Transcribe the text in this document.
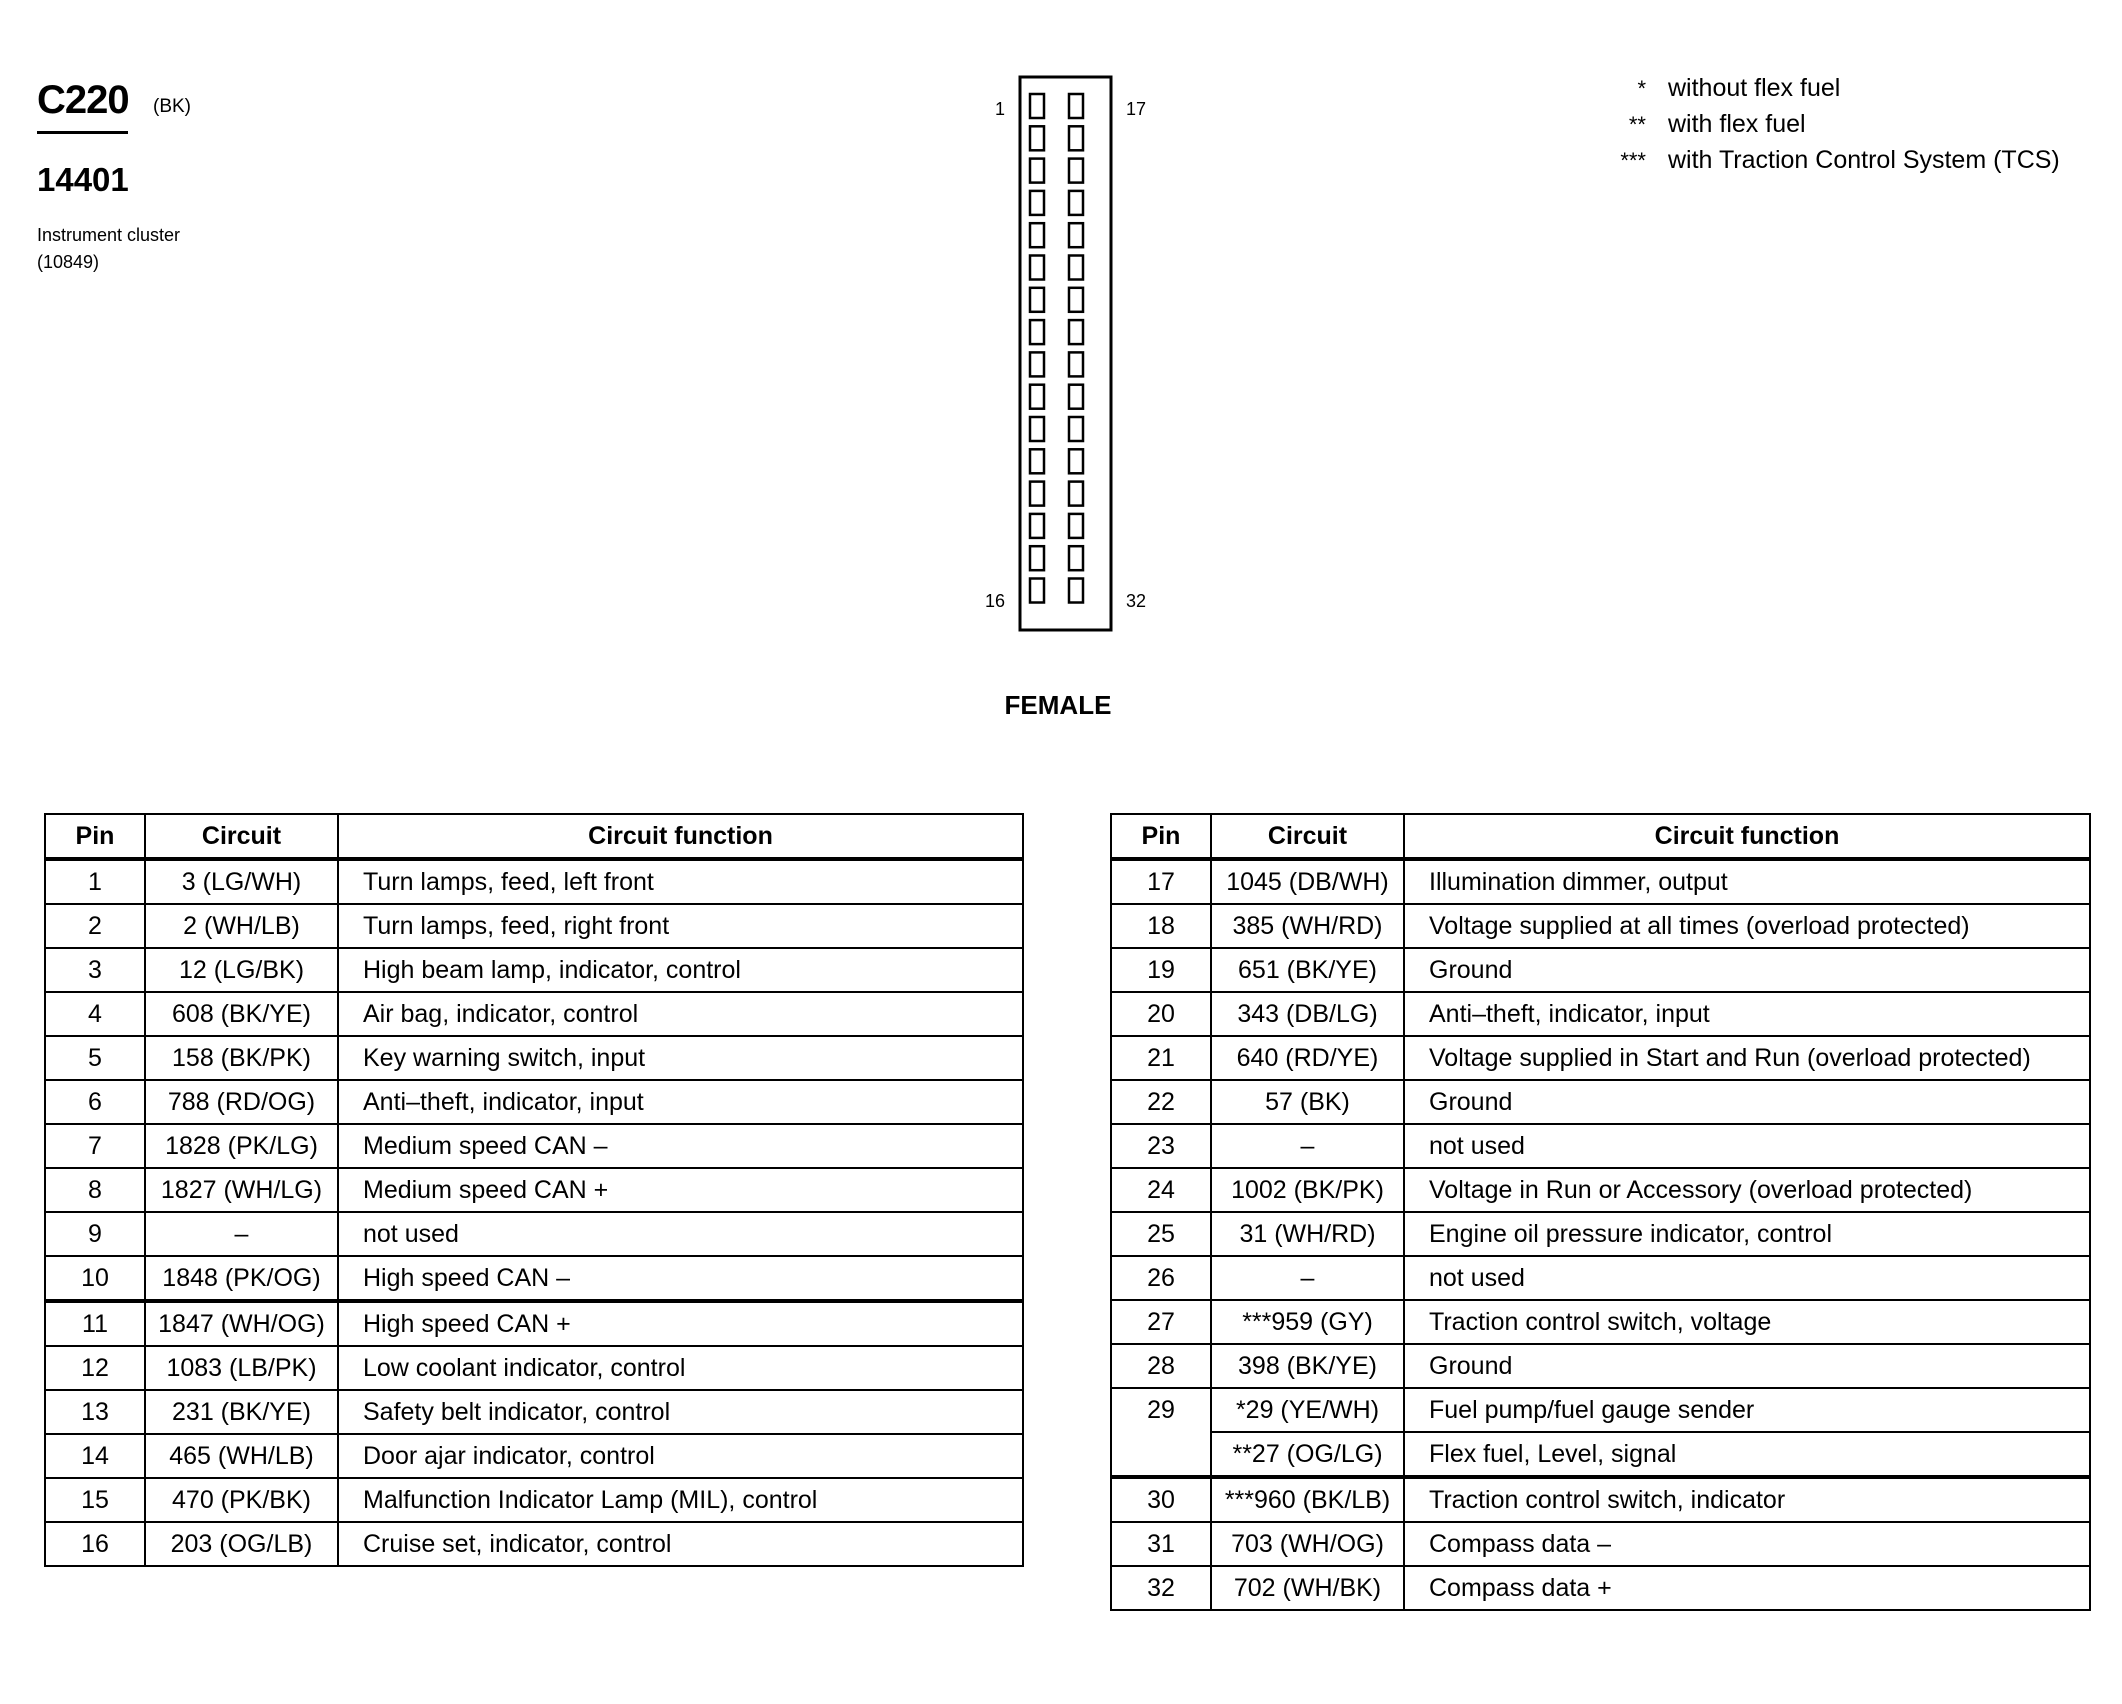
C220 (BK)
14401
Instrument cluster
(10849)
* without flex fuel
** with flex fuel
*** with Traction Control System (TCS)
1
16
17
32
FEMALE
Pin	Circuit	Circuit function
1	3 (LG/WH)	Turn lamps, feed, left front
2	2 (WH/LB)	Turn lamps, feed, right front
3	12 (LG/BK)	High beam lamp, indicator, control
4	608 (BK/YE)	Air bag, indicator, control
5	158 (BK/PK)	Key warning switch, input
6	788 (RD/OG)	Anti–theft, indicator, input
7	1828 (PK/LG)	Medium speed CAN –
8	1827 (WH/LG)	Medium speed CAN +
9	–	not used
10	1848 (PK/OG)	High speed CAN –
11	1847 (WH/OG)	High speed CAN +
12	1083 (LB/PK)	Low coolant indicator, control
13	231 (BK/YE)	Safety belt indicator, control
14	465 (WH/LB)	Door ajar indicator, control
15	470 (PK/BK)	Malfunction Indicator Lamp (MIL), control
16	203 (OG/LB)	Cruise set, indicator, control
Pin	Circuit	Circuit function
17	1045 (DB/WH)	Illumination dimmer, output
18	385 (WH/RD)	Voltage supplied at all times (overload protected)
19	651 (BK/YE)	Ground
20	343 (DB/LG)	Anti–theft, indicator, input
21	640 (RD/YE)	Voltage supplied in Start and Run (overload protected)
22	57 (BK)	Ground
23	–	not used
24	1002 (BK/PK)	Voltage in Run or Accessory (overload protected)
25	31 (WH/RD)	Engine oil pressure indicator, control
26	–	not used
27	***959 (GY)	Traction control switch, voltage
28	398 (BK/YE)	Ground
29	*29 (YE/WH)	Fuel pump/fuel gauge sender
	**27 (OG/LG)	Flex fuel, Level, signal
30	***960 (BK/LB)	Traction control switch, indicator
31	703 (WH/OG)	Compass data –
32	702 (WH/BK)	Compass data +
